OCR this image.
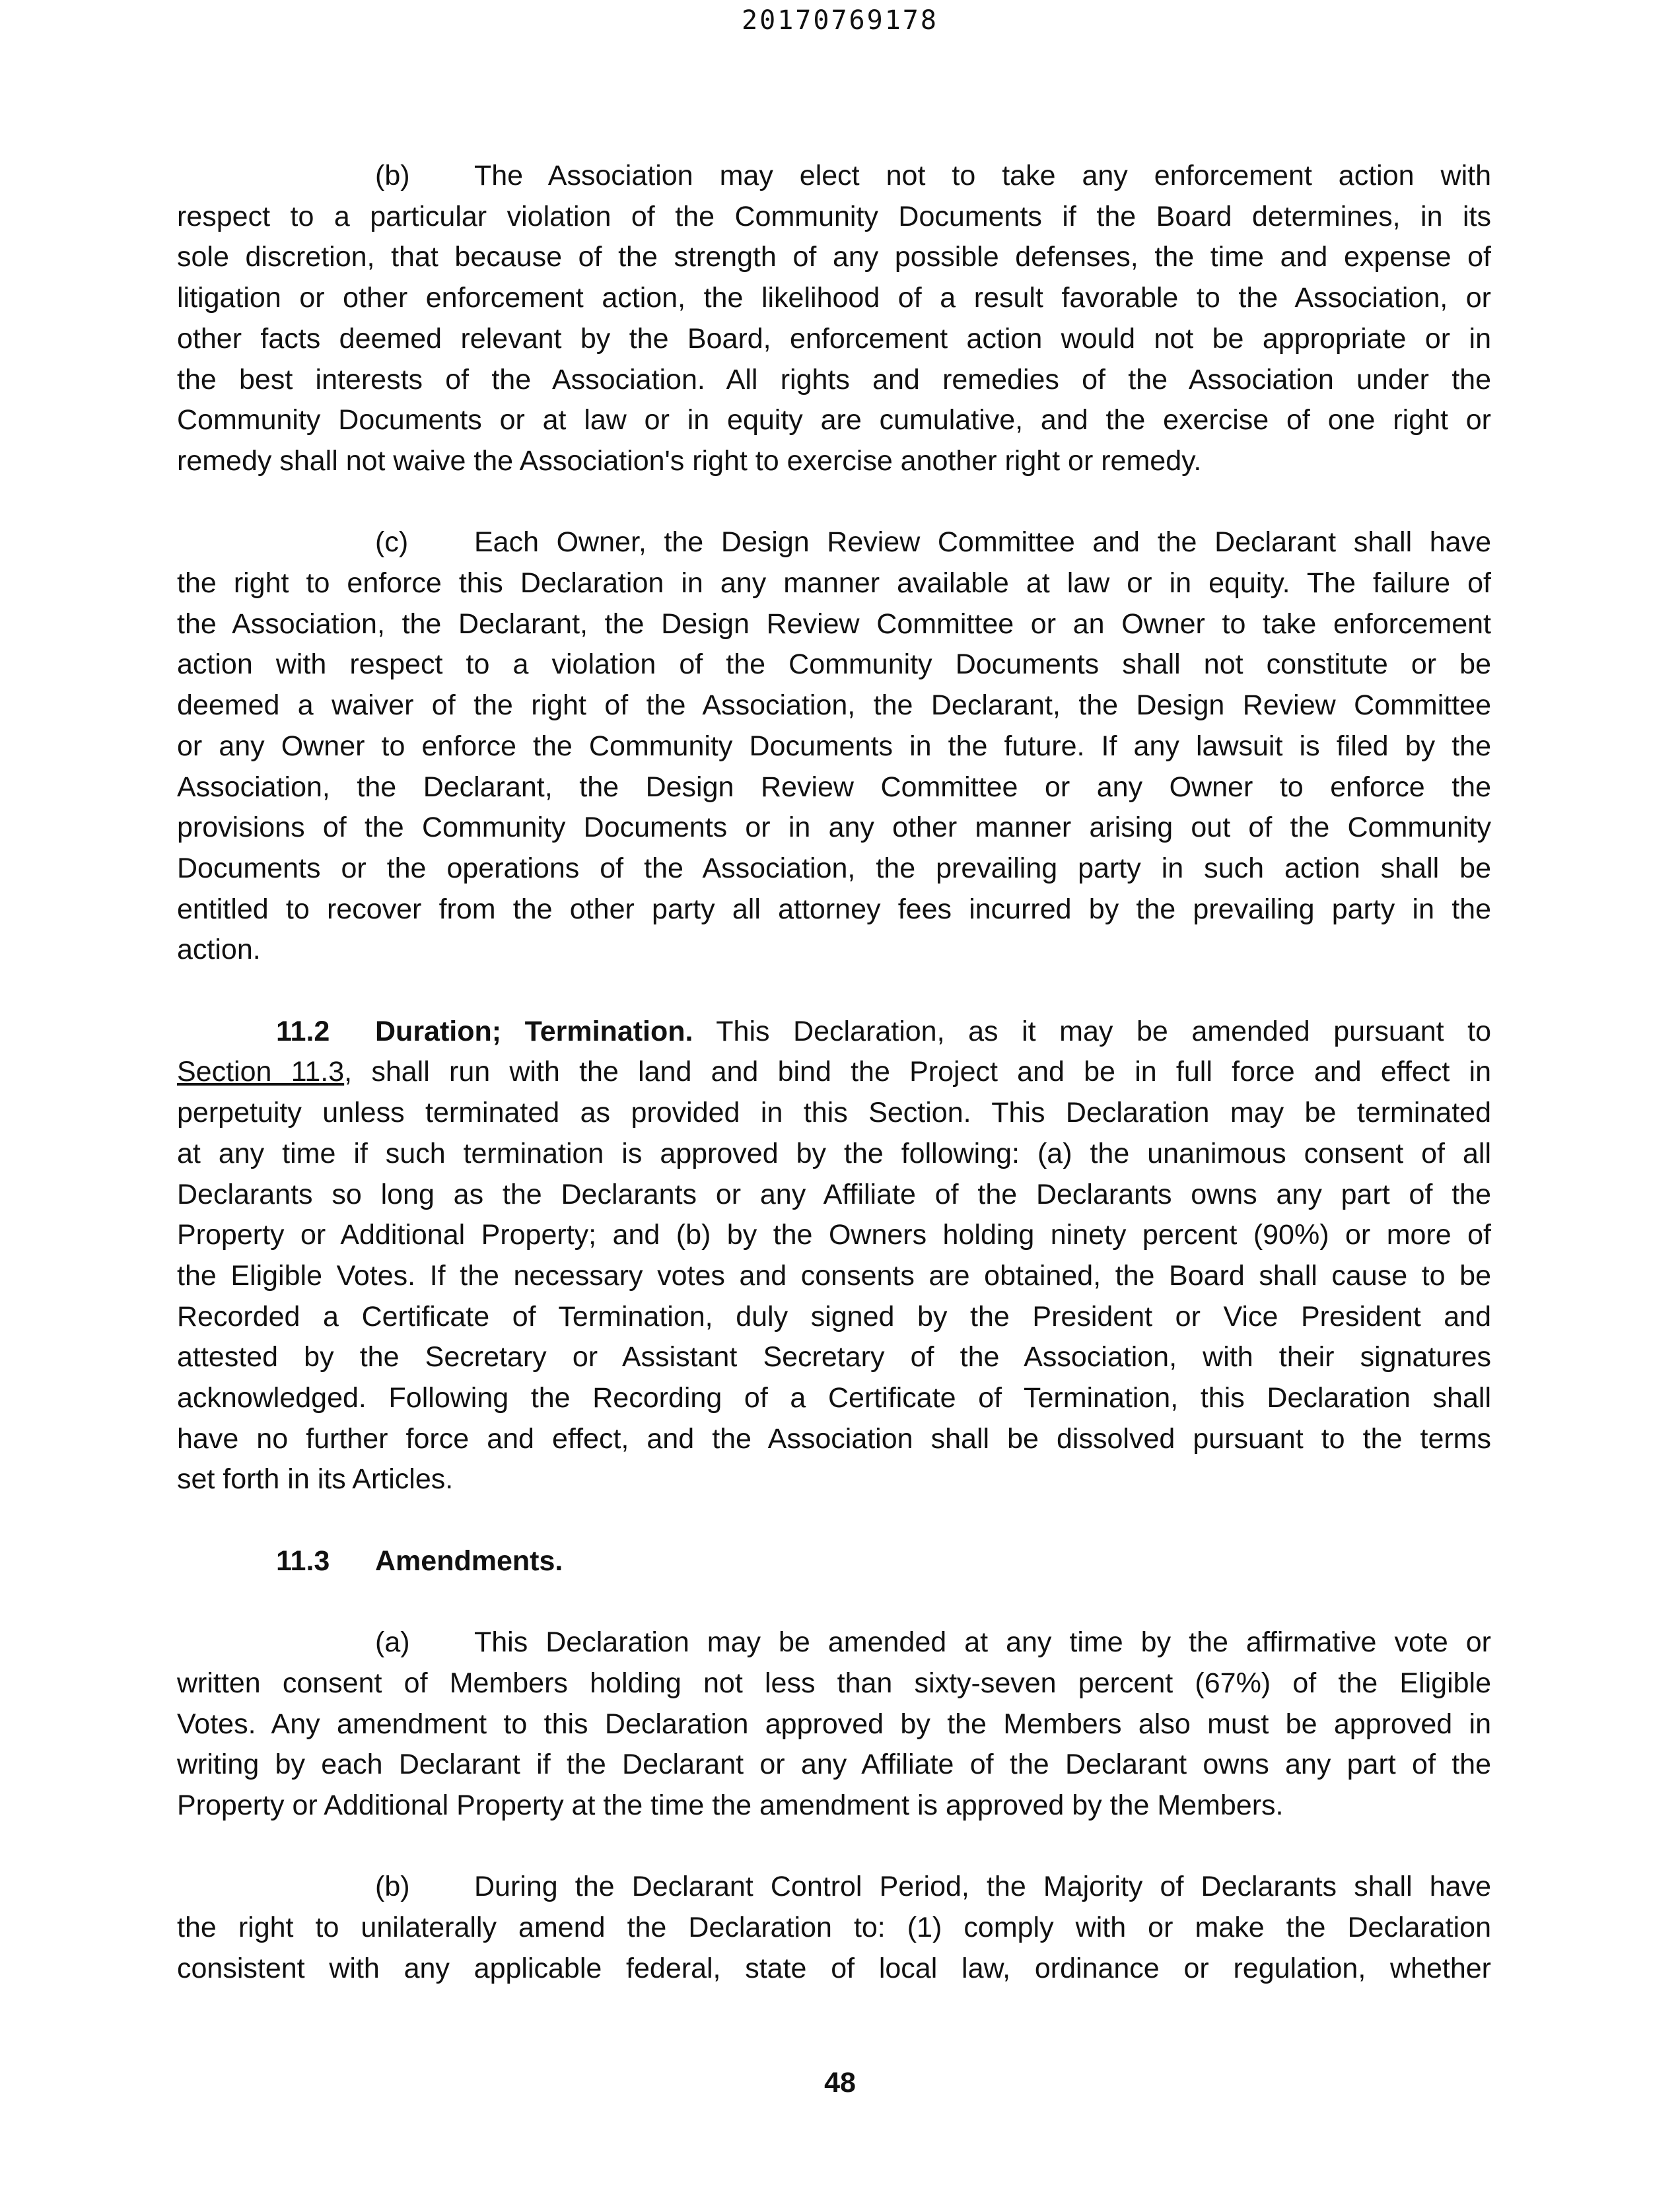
20170769178
(b) The Association may elect not to take any enforcement action with
respect to a particular violation of the Community Documents if the Board determines, in its
sole discretion, that because of the strength of any possible defenses, the time and expense of
litigation or other enforcement action, the likelihood of a result favorable to the Association, or
other facts deemed relevant by the Board, enforcement action would not be appropriate or in
the best interests of the Association. All rights and remedies of the Association under the
Community Documents or at law or in equity are cumulative, and the exercise of one right or
remedy shall not waive the Association's right to exercise another right or remedy.
(c) Each Owner, the Design Review Committee and the Declarant shall have
the right to enforce this Declaration in any manner available at law or in equity. The failure of
the Association, the Declarant, the Design Review Committee or an Owner to take enforcement
action with respect to a violation of the Community Documents shall not constitute or be
deemed a waiver of the right of the Association, the Declarant, the Design Review Committee
or any Owner to enforce the Community Documents in the future. If any lawsuit is filed by the
Association, the Declarant, the Design Review Committee or any Owner to enforce the
provisions of the Community Documents or in any other manner arising out of the Community
Documents or the operations of the Association, the prevailing party in such action shall be
entitled to recover from the other party all attorney fees incurred by the prevailing party in the
action.
11.2 Duration; Termination. This Declaration, as it may be amended pursuant to
Section 11.3, shall run with the land and bind the Project and be in full force and effect in
perpetuity unless terminated as provided in this Section. This Declaration may be terminated
at any time if such termination is approved by the following: (a) the unanimous consent of all
Declarants so long as the Declarants or any Affiliate of the Declarants owns any part of the
Property or Additional Property; and (b) by the Owners holding ninety percent (90%) or more of
the Eligible Votes. If the necessary votes and consents are obtained, the Board shall cause to be
Recorded a Certificate of Termination, duly signed by the President or Vice President and
attested by the Secretary or Assistant Secretary of the Association, with their signatures
acknowledged. Following the Recording of a Certificate of Termination, this Declaration shall
have no further force and effect, and the Association shall be dissolved pursuant to the terms
set forth in its Articles.
11.3 Amendments.
(a) This Declaration may be amended at any time by the affirmative vote or
written consent of Members holding not less than sixty-seven percent (67%) of the Eligible
Votes. Any amendment to this Declaration approved by the Members also must be approved in
writing by each Declarant if the Declarant or any Affiliate of the Declarant owns any part of the
Property or Additional Property at the time the amendment is approved by the Members.
(b) During the Declarant Control Period, the Majority of Declarants shall have
the right to unilaterally amend the Declaration to: (1) comply with or make the Declaration
consistent with any applicable federal, state of local law, ordinance or regulation, whether
48
